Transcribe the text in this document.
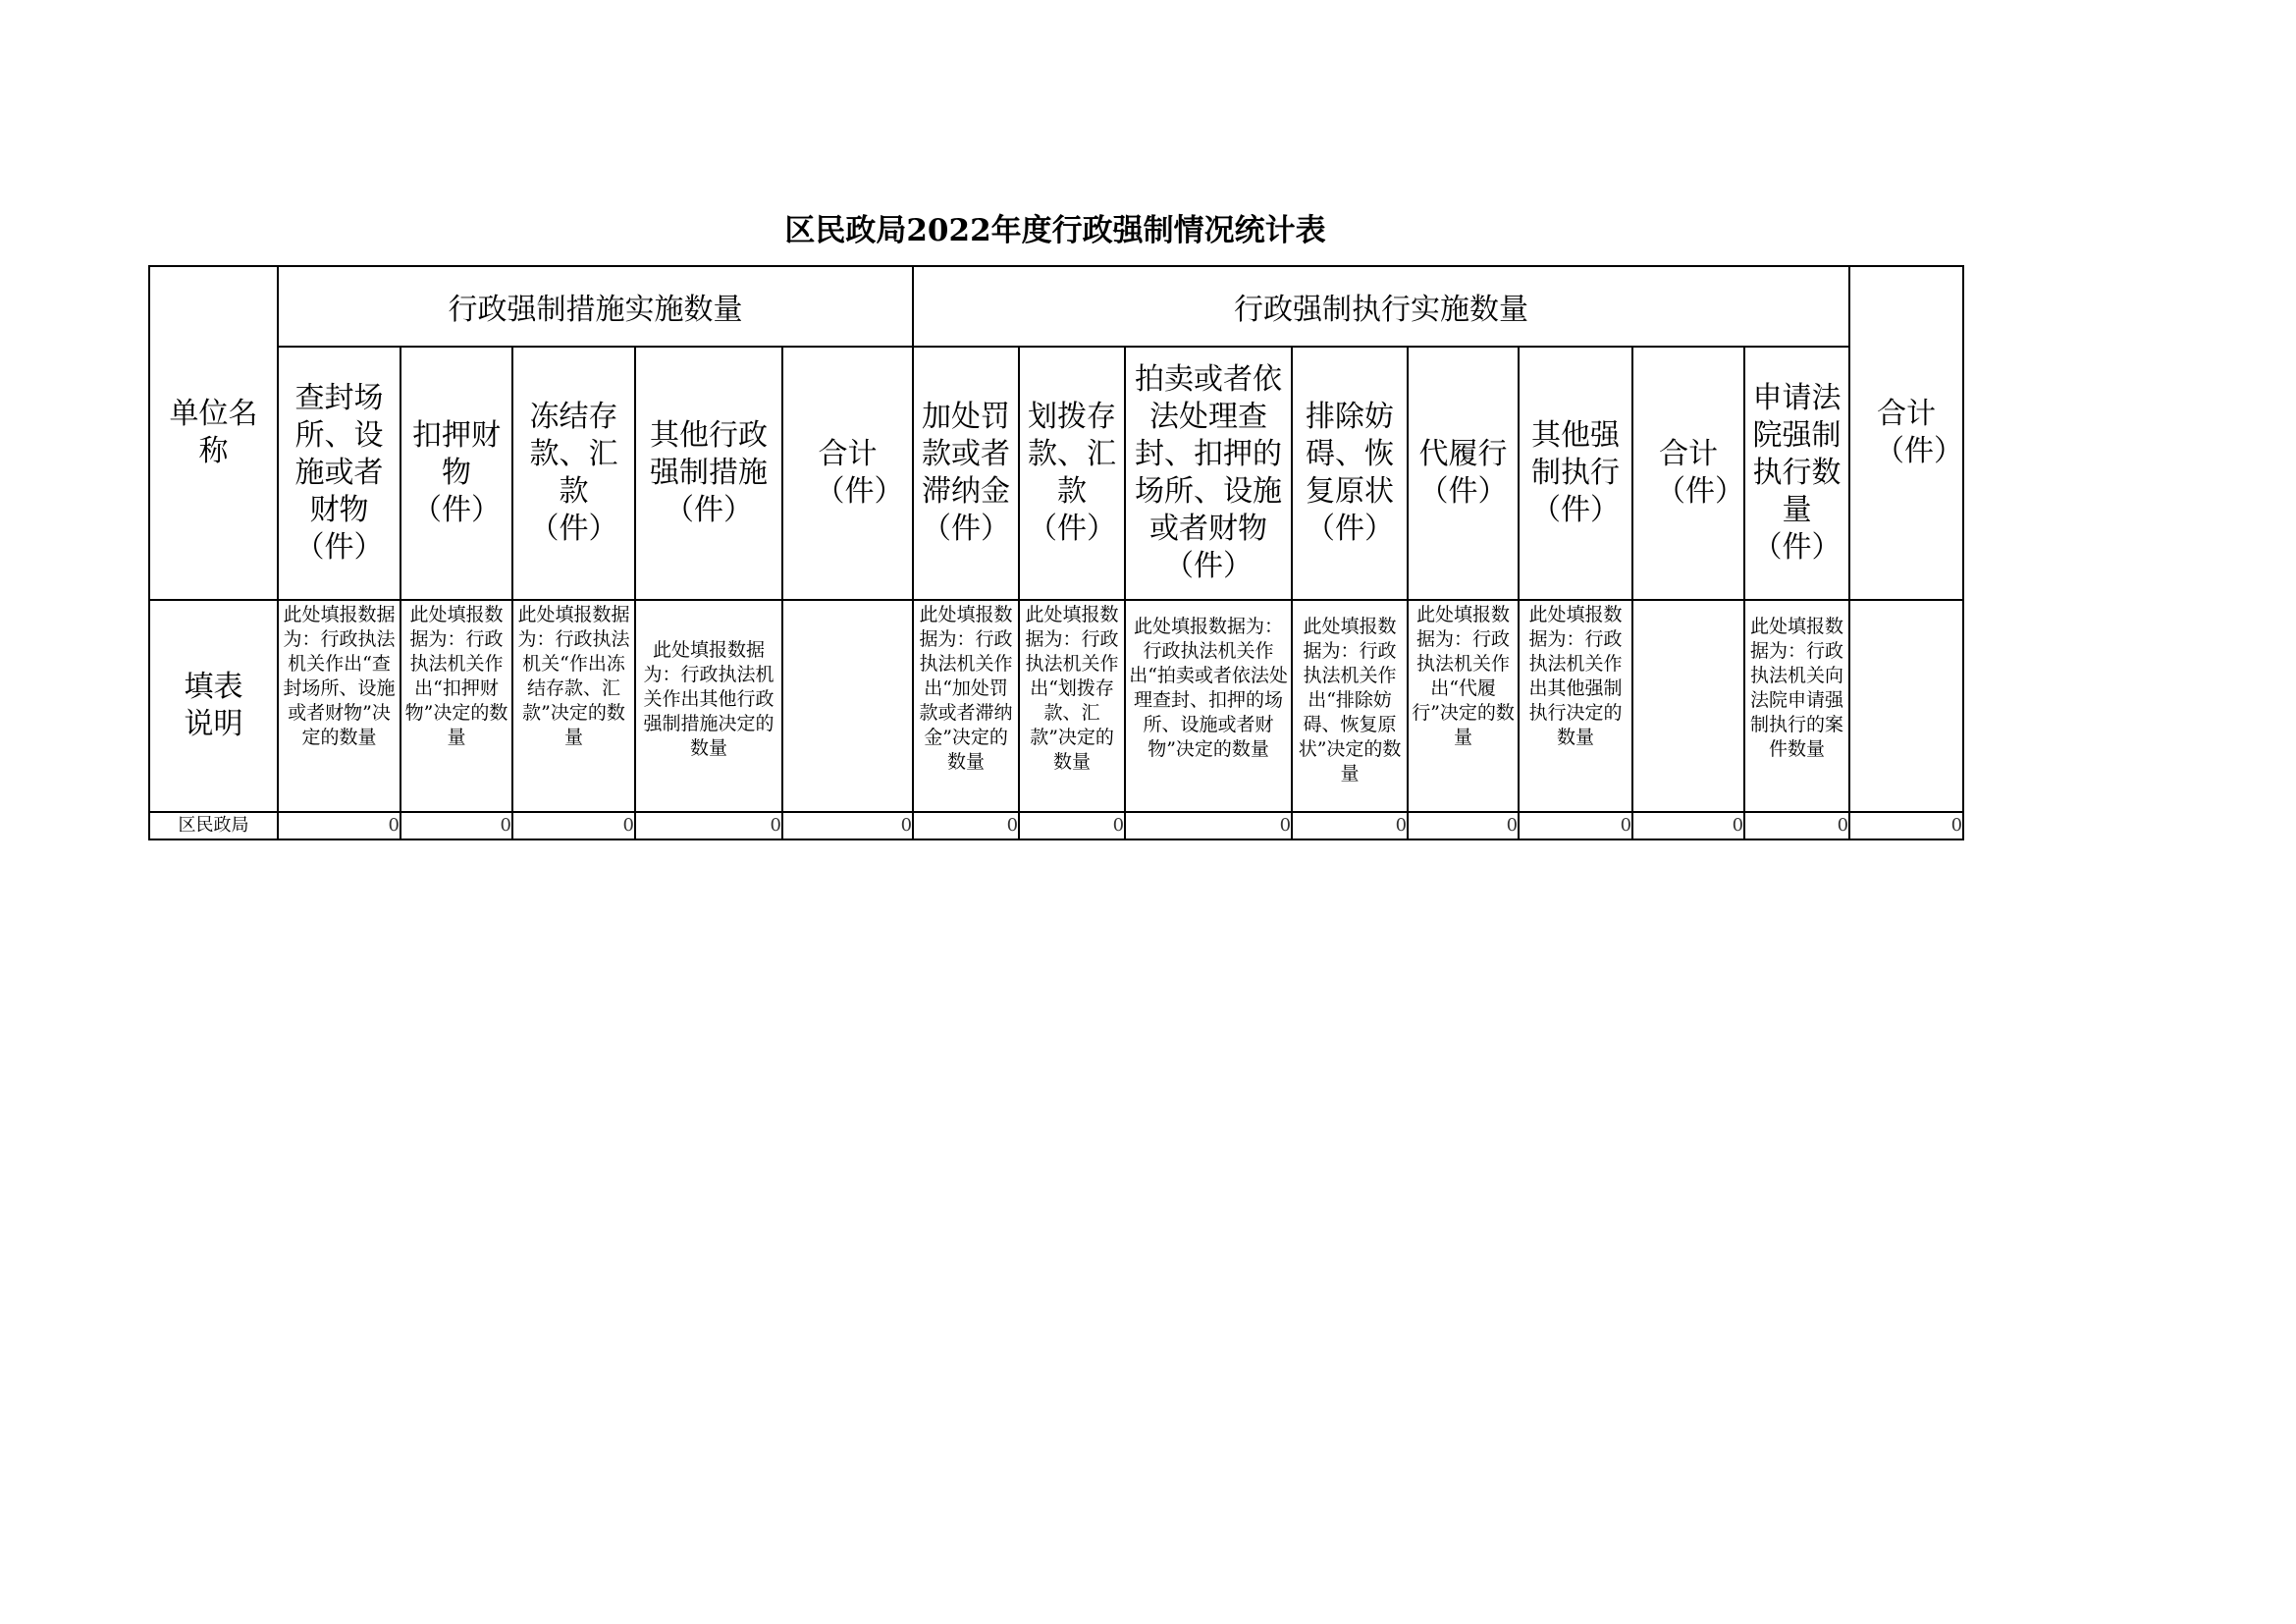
区民政局2022年度行政强制情况统计表
单位名称	行政强制措施实施数量					行政强制执行实施数量								合计（件）
	查封场所、设施或者财物（件）	扣押财物（件）	冻结存款、汇款（件）	其他行政强制措施（件）	合计（件）	加处罚款或者滞纳金（件）	划拨存款、汇款（件）	拍卖或者依法处理查封、扣押的场所、设施或者财物（件）	排除妨碍、恢复原状（件）	代履行（件）	其他强制执行（件）	合计（件）	申请法院强制执行数量（件）	
填表说明	此处填报数据为：行政执法机关作出“查封场所、设施或者财物”决定的数量	此处填报数据为：行政执法机关作出“扣押财物”决定的数量	此处填报数据为：行政执法机关“作出冻结存款、汇款”决定的数量	此处填报数据为：行政执法机关作出其他行政强制措施决定的数量		此处填报数据为：行政执法机关作出“加处罚款或者滞纳金”决定的数量	此处填报数据为：行政执法机关作出“划拨存款、汇款”决定的数量	此处填报数据为：行政执法机关作出“拍卖或者依法处理查封、扣押的场所、设施或者财物”决定的数量	此处填报数据为：行政执法机关作出“排除妨碍、恢复原状”决定的数量	此处填报数据为：行政执法机关作出“代履行”决定的数量	此处填报数据为：行政执法机关作出其他强制执行决定的数量		此处填报数据为：行政执法机关向法院申请强制执行的案件数量	

区民政局	0	0	0	0	0	0	0	0	0	0	0	0	0	0
